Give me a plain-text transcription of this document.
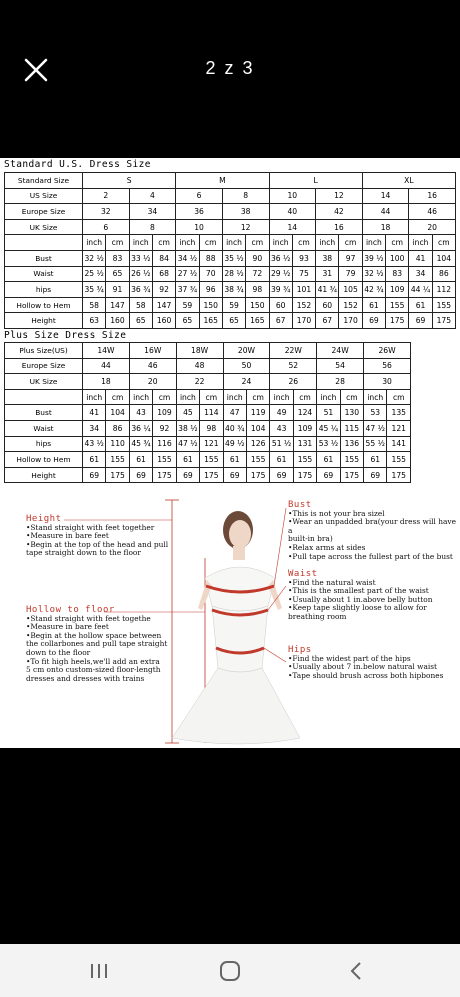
2 z 3
Standard U.S. Dress Size
Standard Size	S				M				L				XL			
US Size	2		4		6		8		10		12		14		16	
Europe Size	32		34		36		38		40		42		44		46	
UK Size	6		8		10		12		14		16		18		20	
	inch	cm	inch	cm	inch	cm	inch	cm	inch	cm	inch	cm	inch	cm	inch	cm
Bust	32 ½	83	33 ½	84	34 ½	88	35 ½	90	36 ½	93	38	97	39 ½	100	41	104
Waist	25 ½	65	26 ½	68	27 ½	70	28 ½	72	29 ½	75	31	79	32 ½	83	34	86
hips	35 ¾	91	36 ¾	92	37 ¾	96	38 ¾	98	39 ¾	101	41 ¾	105	42 ¾	109	44 ¼	112
Hollow to Hem	58	147	58	147	59	150	59	150	60	152	60	152	61	155	61	155
Height	63	160	65	160	65	165	65	165	67	170	67	170	69	175	69	175
Plus Size Dress Size
Plus Size(US)	14W		16W		18W		20W		22W		24W		26W	
Europe Size	44		46		48		50		52		54		56	
UK Size	18		20		22		24		26		28		30	
	inch	cm	inch	cm	inch	cm	inch	cm	inch	cm	inch	cm	inch	cm
Bust	41	104	43	109	45	114	47	119	49	124	51	130	53	135
Waist	34	86	36 ¼	92	38 ½	98	40 ¾	104	43	109	45 ¼	115	47 ½	121
hips	43 ½	110	45 ¾	116	47 ½	121	49 ½	126	51 ½	131	53 ½	136	55 ½	141
Hollow to Hem	61	155	61	155	61	155	61	155	61	155	61	155	61	155
Height	69	175	69	175	69	175	69	175	69	175	69	175	69	175
Height
•Stand straight with feet together
•Measure in bare feet
•Begin at the top of the head and pull
tape straight down to the floor
Hollow to floor
•Stand straight with feet togethe
•Measure in bare feet
•Begin at the hollow space between
the collarbones and pull tape straight
down to the floor
•To fit high heels,we'll add an extra
5 cm onto custom-sized floor-length
dresses and dresses with trains
Bust
•This is not your bra sizel
•Wear an unpadded bra(your dress will have a
built-in bra)
•Relax arms at sides
•Pull tape across the fullest part of the bust
Waist
•Find the natural waist
•This is the smallest part of the waist
•Usually about 1 in.above belly button
•Keep tape slightly loose to allow for
breathing room
Hips
•Find the widest part of the hips
•Usually about 7 in.below natural waist
•Tape should brush across both hipbones
